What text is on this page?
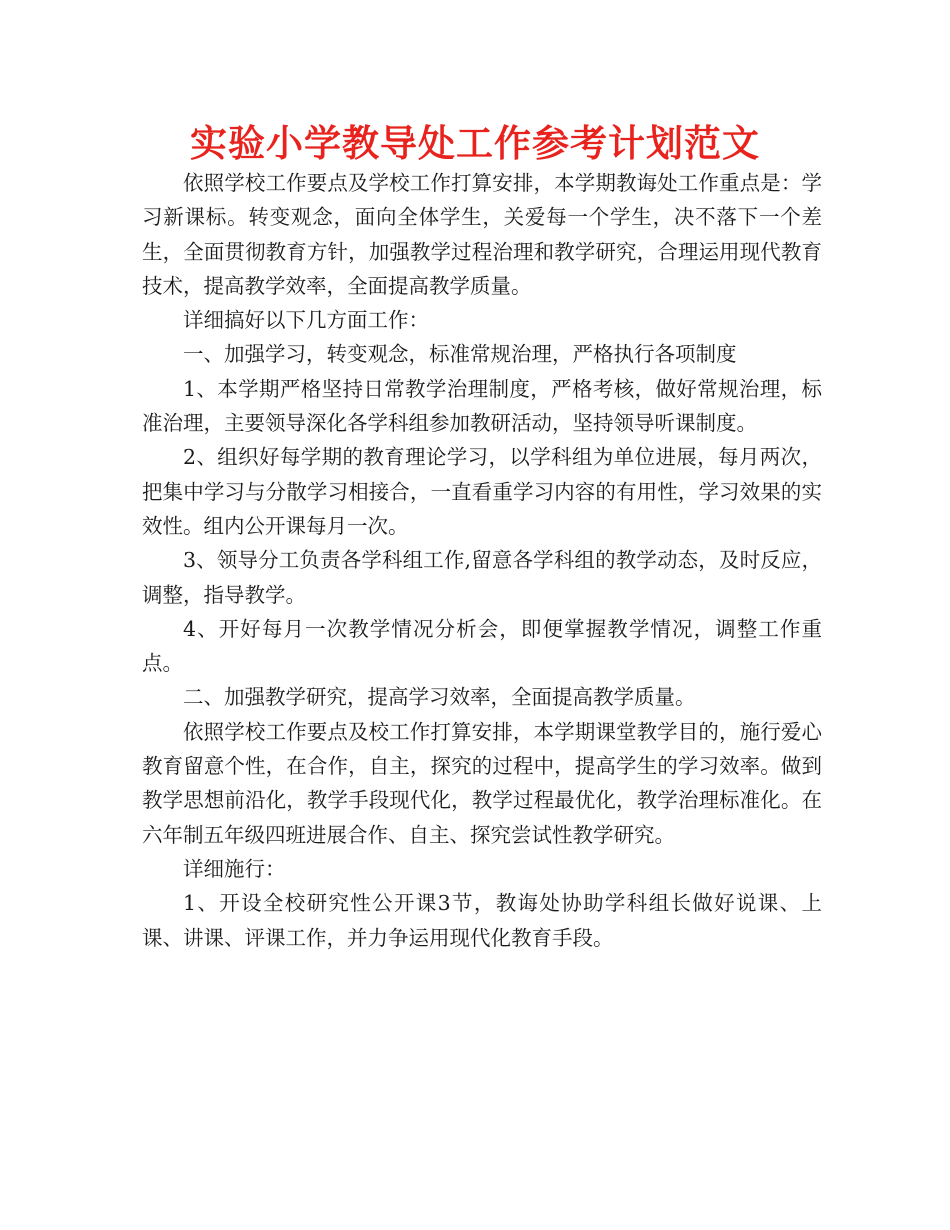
实验小学教导处工作参考计划范文

依照学校工作要点及学校工作打算安排，本学期教诲处工作重点是：学习新课标。转变观念，面向全体学生，关爱每一个学生，决不落下一个差生，全面贯彻教育方针，加强教学过程治理和教学研究，合理运用现代教育技术，提高教学效率，全面提高教学质量。

详细搞好以下几方面工作：

一、加强学习，转变观念，标准常规治理，严格执行各项制度

1、本学期严格坚持日常教学治理制度，严格考核，做好常规治理，标准治理，主要领导深化各学科组参加教研活动，坚持领导听课制度。

2、组织好每学期的教育理论学习，以学科组为单位进展，每月两次，把集中学习与分散学习相接合，一直看重学习内容的有用性，学习效果的实效性。组内公开课每月一次。

3、领导分工负责各学科组工作,留意各学科组的教学动态，及时反应，调整，指导教学。

4、开好每月一次教学情况分析会，即便掌握教学情况，调整工作重点。

二、加强教学研究，提高学习效率，全面提高教学质量。

依照学校工作要点及校工作打算安排，本学期课堂教学目的，施行爱心教育留意个性，在合作，自主，探究的过程中，提高学生的学习效率。做到教学思想前沿化，教学手段现代化，教学过程最优化，教学治理标准化。在六年制五年级四班进展合作、自主、探究尝试性教学研究。

详细施行：

1、开设全校研究性公开课3节，教诲处协助学科组长做好说课、上课、讲课、评课工作，并力争运用现代化教育手段。
